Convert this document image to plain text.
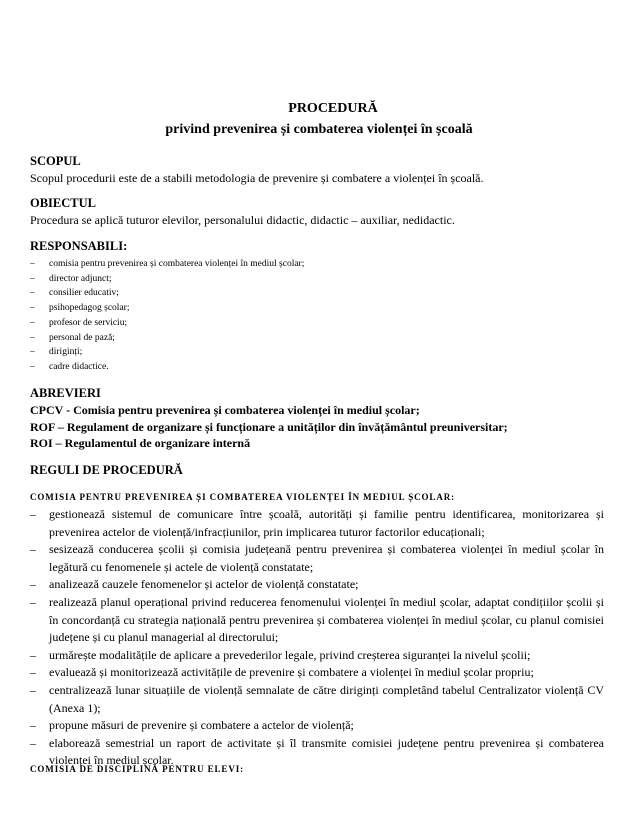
PROCEDURĂ
privind prevenirea și combaterea violenței în școală
SCOPUL
Scopul procedurii este de a stabili metodologia de prevenire și combatere a violenței în școală.
OBIECTUL
Procedura se aplică tuturor elevilor, personalului didactic, didactic – auxiliar, nedidactic.
RESPONSABILI:
– comisia pentru prevenirea și combaterea violenței în mediul școlar;
– director adjunct;
– consilier educativ;
– psihopedagog școlar;
– profesor de serviciu;
– personal de pază;
– diriginți;
– cadre didactice.
ABREVIERI
CPCV - Comisia pentru prevenirea și combaterea violenței în mediul școlar;
ROF – Regulament de organizare și funcționare a unităților din învățământul preuniversitar;
ROI – Regulamentul de organizare internă
REGULI DE PROCEDURĂ
COMISIA PENTRU PREVENIREA ȘI COMBATEREA VIOLENȚEI ÎN MEDIUL ȘCOLAR:
– gestionează sistemul de comunicare între școală, autorități și familie pentru identificarea, monitorizarea și prevenirea actelor de violență/infracțiunilor, prin implicarea tuturor factorilor educaționali;
– sesizează conducerea școlii și comisia județeană pentru prevenirea și combaterea violenței în mediul școlar în legătură cu fenomenele și actele de violență constatate;
– analizează cauzele fenomenelor și actelor de violență constatate;
– realizează planul operațional privind reducerea fenomenului violenței în mediul școlar, adaptat condițiilor școlii și în concordanță cu strategia națională pentru prevenirea și combaterea violenței în mediul școlar, cu planul comisiei județene și cu planul managerial al directorului;
– urmărește modalitățile de aplicare a prevederilor legale, privind creșterea siguranței la nivelul școlii;
– evaluează și monitorizează activitățile de prevenire și combatere a violenței în mediul școlar propriu;
– centralizează lunar situațiile de violență semnalate de către diriginți completând tabelul Centralizator violență CV (Anexa 1);
– propune măsuri de prevenire și combatere a actelor de violență;
– elaborează semestrial un raport de activitate și îl transmite comisiei județene pentru prevenirea și combaterea violenței în mediul școlar.
COMISIA DE DISCIPLINĂ PENTRU ELEVI:
